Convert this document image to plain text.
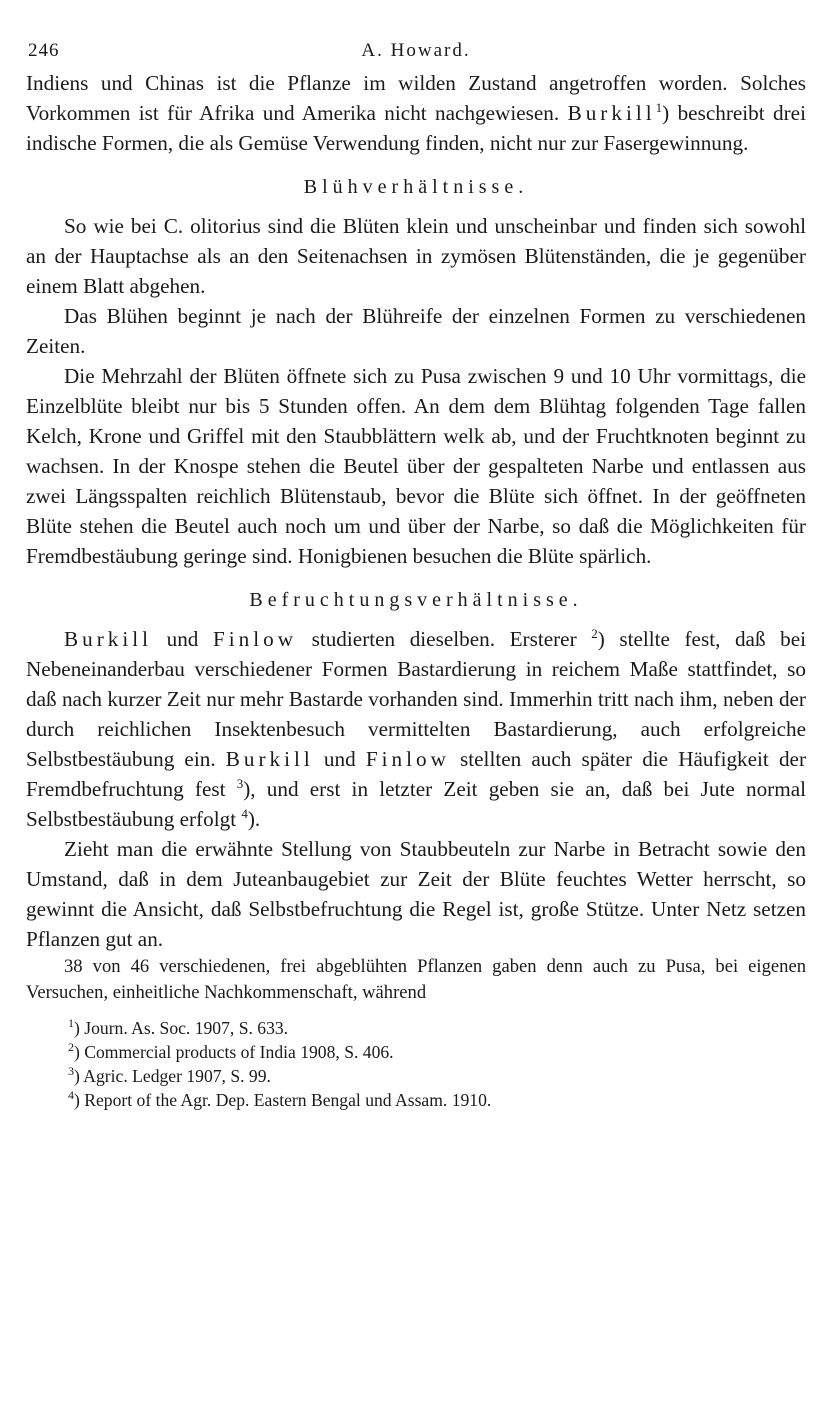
246	A. Howard.

Indiens und Chinas ist die Pflanze im wilden Zustand angetroffen worden. Solches Vorkommen ist für Afrika und Amerika nicht nachgewiesen. Burkill$^1$) beschreibt drei indische Formen, die als Gemüse Verwendung finden, nicht nur zur Fasergewinnung.

Blühverhältnisse.

So wie bei C. olitorius sind die Blüten klein und unscheinbar und finden sich sowohl an der Hauptachse als an den Seitenachsen in zymösen Blütenständen, die je gegenüber einem Blatt abgehen.

Das Blühen beginnt je nach der Blühreife der einzelnen Formen zu verschiedenen Zeiten.

Die Mehrzahl der Blüten öffnete sich zu Pusa zwischen 9 und 10 Uhr vormittags, die Einzelblüte bleibt nur bis 5 Stunden offen. An dem dem Blühtag folgenden Tage fallen Kelch, Krone und Griffel mit den Staubblättern welk ab, und der Fruchtknoten beginnt zu wachsen. In der Knospe stehen die Beutel über der gespalteten Narbe und entlassen aus zwei Längsspalten reichlich Blütenstaub, bevor die Blüte sich öffnet. In der geöffneten Blüte stehen die Beutel auch noch um und über der Narbe, so daß die Möglichkeiten für Fremdbestäubung geringe sind. Honigbienen besuchen die Blüte spärlich.

Befruchtungsverhältnisse.

Burkill und Finlow studierten dieselben. Ersterer $^2$) stellte fest, daß bei Nebeneinanderbau verschiedener Formen Bastardierung in reichem Maße stattfindet, so daß nach kurzer Zeit nur mehr Bastarde vorhanden sind. Immerhin tritt nach ihm, neben der durch reichlichen Insektenbesuch vermittelten Bastardierung, auch erfolgreiche Selbstbestäubung ein. Burkill und Finlow stellten auch später die Häufigkeit der Fremdbefruchtung fest $^3$), und erst in letzter Zeit geben sie an, daß bei Jute normal Selbstbestäubung erfolgt $^4$).

Zieht man die erwähnte Stellung von Staubbeuteln zur Narbe in Betracht sowie den Umstand, daß in dem Juteanbaugebiet zur Zeit der Blüte feuchtes Wetter herrscht, so gewinnt die Ansicht, daß Selbstbefruchtung die Regel ist, große Stütze. Unter Netz setzen Pflanzen gut an.

38 von 46 verschiedenen, frei abgeblühten Pflanzen gaben denn auch zu Pusa, bei eigenen Versuchen, einheitliche Nachkommenschaft, während

$^1$) Journ. As. Soc. 1907, S. 633.
$^2$) Commercial products of India 1908, S. 406.
$^3$) Agric. Ledger 1907, S. 99.
$^4$) Report of the Agr. Dep. Eastern Bengal und Assam. 1910.
